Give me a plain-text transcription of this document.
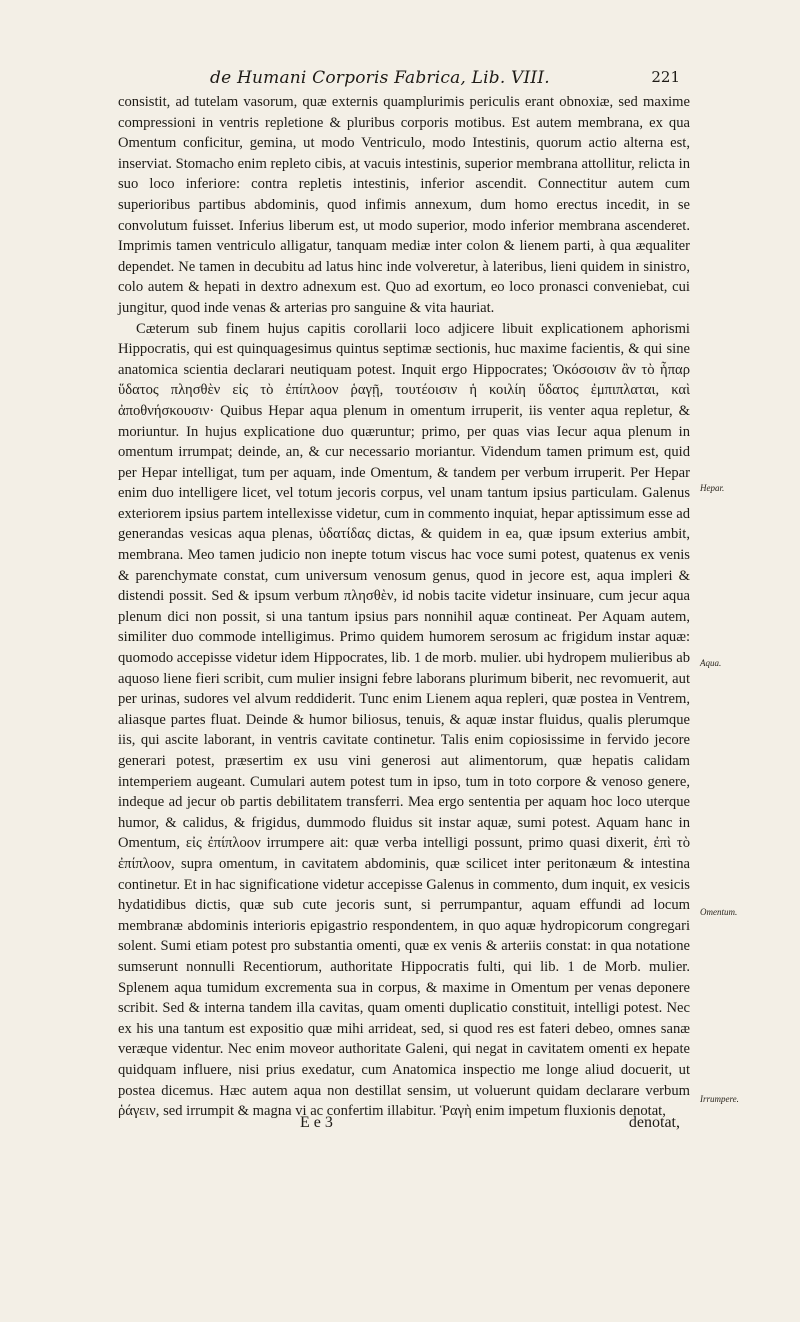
de Humani Corporis Fabrica, Lib. VIII.	221

consistit, ad tutelam vasorum, quæ externis quamplurimis periculis erant obnoxiæ, sed maxime compressioni in ventris repletione & pluribus corporis motibus. Est autem membrana, ex qua Omentum conficitur, gemina, ut modo Ventriculo, modo Intestinis, quorum actio alterna est, inserviat. Stomacho enim repleto cibis, at vacuis intestinis, superior membrana attollitur, relicta in suo loco inferiore: contra repletis intestinis, inferior ascendit. Connectitur autem cum superioribus partibus abdominis, quod infimis annexum, dum homo erectus incedit, in se convolutum fuisset. Inferius liberum est, ut modo superior, modo inferior membrana ascenderet. Imprimis tamen ventriculo alligatur, tanquam mediæ inter colon & lienem parti, à qua æqualiter dependet. Ne tamen in decubitu ad latus hinc inde volveretur, à lateribus, lieni quidem in sinistro, colo autem & hepati in dextro adnexum est. Quo ad exortum, eo loco pronasci conveniebat, cui jungitur, quod inde venas & arterias pro sanguine & vita hauriat.

Cæterum sub finem hujus capitis corollarii loco adjicere libuit explicationem aphorismi Hippocratis, qui est quinquagesimus quintus septimæ sectionis, huc maxime facientis, & qui sine anatomica scientia declarari neutiquam potest. Inquit ergo Hippocrates; Ὁκόσοισιν ἂν τὸ ἧπαρ ὕδατος πλησθὲν εἰς τὸ ἐπίπλοον ῥαγῇ, τουτέοισιν ἡ κοιλίη ὕδατος ἐμπιπλαται, καὶ ἀποθνήσκουσιν· Quibus Hepar aqua plenum in omentum irruperit, iis venter aqua repletur, & moriuntur. In hujus explicatione duo quæruntur; primo, per quas vias Iecur aqua plenum in omentum irrumpat; deinde, an, & cur necessario moriantur. Videndum tamen primum est, quid per Hepar intelligat, tum per aquam, inde Omentum, & tandem per verbum irruperit. Per Hepar enim duo intelligere licet, vel totum jecoris corpus, vel unam tantum ipsius particulam. Galenus exteriorem ipsius partem intellexisse videtur, cum in commento inquiat, hepar aptissimum esse ad generandas vesicas aqua plenas, ὑδατίδας dictas, & quidem in ea, quæ ipsum exterius ambit, membrana. Meo tamen judicio non inepte totum viscus hac voce sumi potest, quatenus ex venis & parenchymate constat, cum universum venosum genus, quod in jecore est, aqua impleri & distendi possit. Sed & ipsum verbum πλησθὲν, id nobis tacite videtur insinuare, cum jecur aqua plenum dici non possit, si una tantum ipsius pars nonnihil aquæ contineat. Per Aquam autem, similiter duo commode intelligimus. Primo quidem humorem serosum ac frigidum instar aquæ: quomodo accepisse videtur idem Hippocrates, lib. 1 de morb. mulier. ubi hydropem mulieribus ab aquoso liene fieri scribit, cum mulier insigni febre laborans plurimum biberit, nec revomuerit, aut per urinas, sudores vel alvum reddiderit. Tunc enim Lienem aqua repleri, quæ postea in Ventrem, aliasque partes fluat. Deinde & humor biliosus, tenuis, & aquæ instar fluidus, qualis plerumque iis, qui ascite laborant, in ventris cavitate continetur. Talis enim copiosissime in fervido jecore generari potest, præsertim ex usu vini generosi aut alimentorum, quæ hepatis calidam intemperiem augeant. Cumulari autem potest tum in ipso, tum in toto corpore & venoso genere, indeque ad jecur ob partis debilitatem transferri. Mea ergo sententia per aquam hoc loco uterque humor, & calidus, & frigidus, dummodo fluidus sit instar aquæ, sumi potest. Aquam hanc in Omentum, εἰς ἐπίπλοον irrumpere ait: quæ verba intelligi possunt, primo quasi dixerit, ἐπὶ τὸ ἐπίπλοον, supra omentum, in cavitatem abdominis, quæ scilicet inter peritonæum & intestina continetur. Et in hac significatione videtur accepisse Galenus in commento, dum inquit, ex vesicis hydatidibus dictis, quæ sub cute jecoris sunt, si perrumpantur, aquam effundi ad locum membranæ abdominis interioris epigastrio respondentem, in quo aquæ hydropicorum congregari solent. Sumi etiam potest pro substantia omenti, quæ ex venis & arteriis constat: in qua notatione sumserunt nonnulli Recentiorum, authoritate Hippocratis fulti, qui lib. 1 de Morb. mulier. Splenem aqua tumidum excrementa sua in corpus, & maxime in Omentum per venas deponere scribit. Sed & interna tandem illa cavitas, quam omenti duplicatio constituit, intelligi potest. Nec ex his una tantum est expositio quæ mihi arrideat, sed, si quod res est fateri debeo, omnes sanæ veræque videntur. Nec enim moveor authoritate Galeni, qui negat in cavitatem omenti ex hepate quidquam influere, nisi prius exedatur, cum Anatomica inspectio me longe aliud docuerit, ut postea dicemus. Hæc autem aqua non destillat sensim, ut voluerunt quidam declarare verbum ῥάγειν, sed irrumpit & magna vi ac confertim illabitur. Ῥαγὴ enim impetum fluxionis denotat,

Hepar.
Aqua.
Omentum.
Irrumpere.
E e 3	denotat,
